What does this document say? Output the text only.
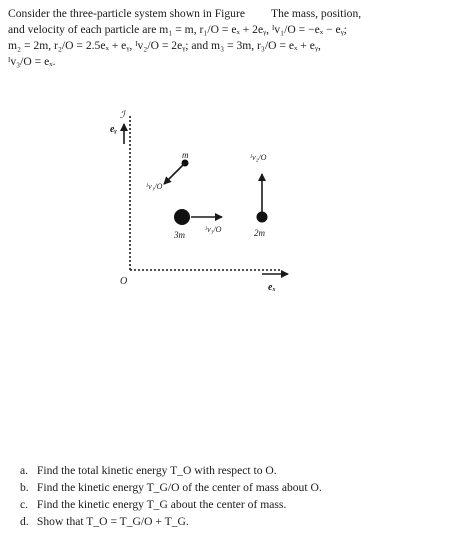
Consider the three-particle system shown in Figure The mass, position,
and velocity of each particle are m₁ = m, r₁/O = eₓ + 2eᵧ, ᴵv₁/O = −eₓ − eᵧ;
m₂ = 2m, r₂/O = 2.5eₓ + eᵧ, ᴵv₂/O = 2eᵧ; and m₃ = 3m, r₃/O = eₓ + eᵧ,
ᴵv₃/O = eₓ.
ℐ
eᵧ
O
eₓ
m
ᴵv₁/O
ᴵv₂/O
2m
3m
ᴵv₃/O
a. Find the total kinetic energy T_O with respect to O.
b. Find the kinetic energy T_G/O of the center of mass about O.
c. Find the kinetic energy T_G about the center of mass.
d. Show that T_O = T_G/O + T_G.
